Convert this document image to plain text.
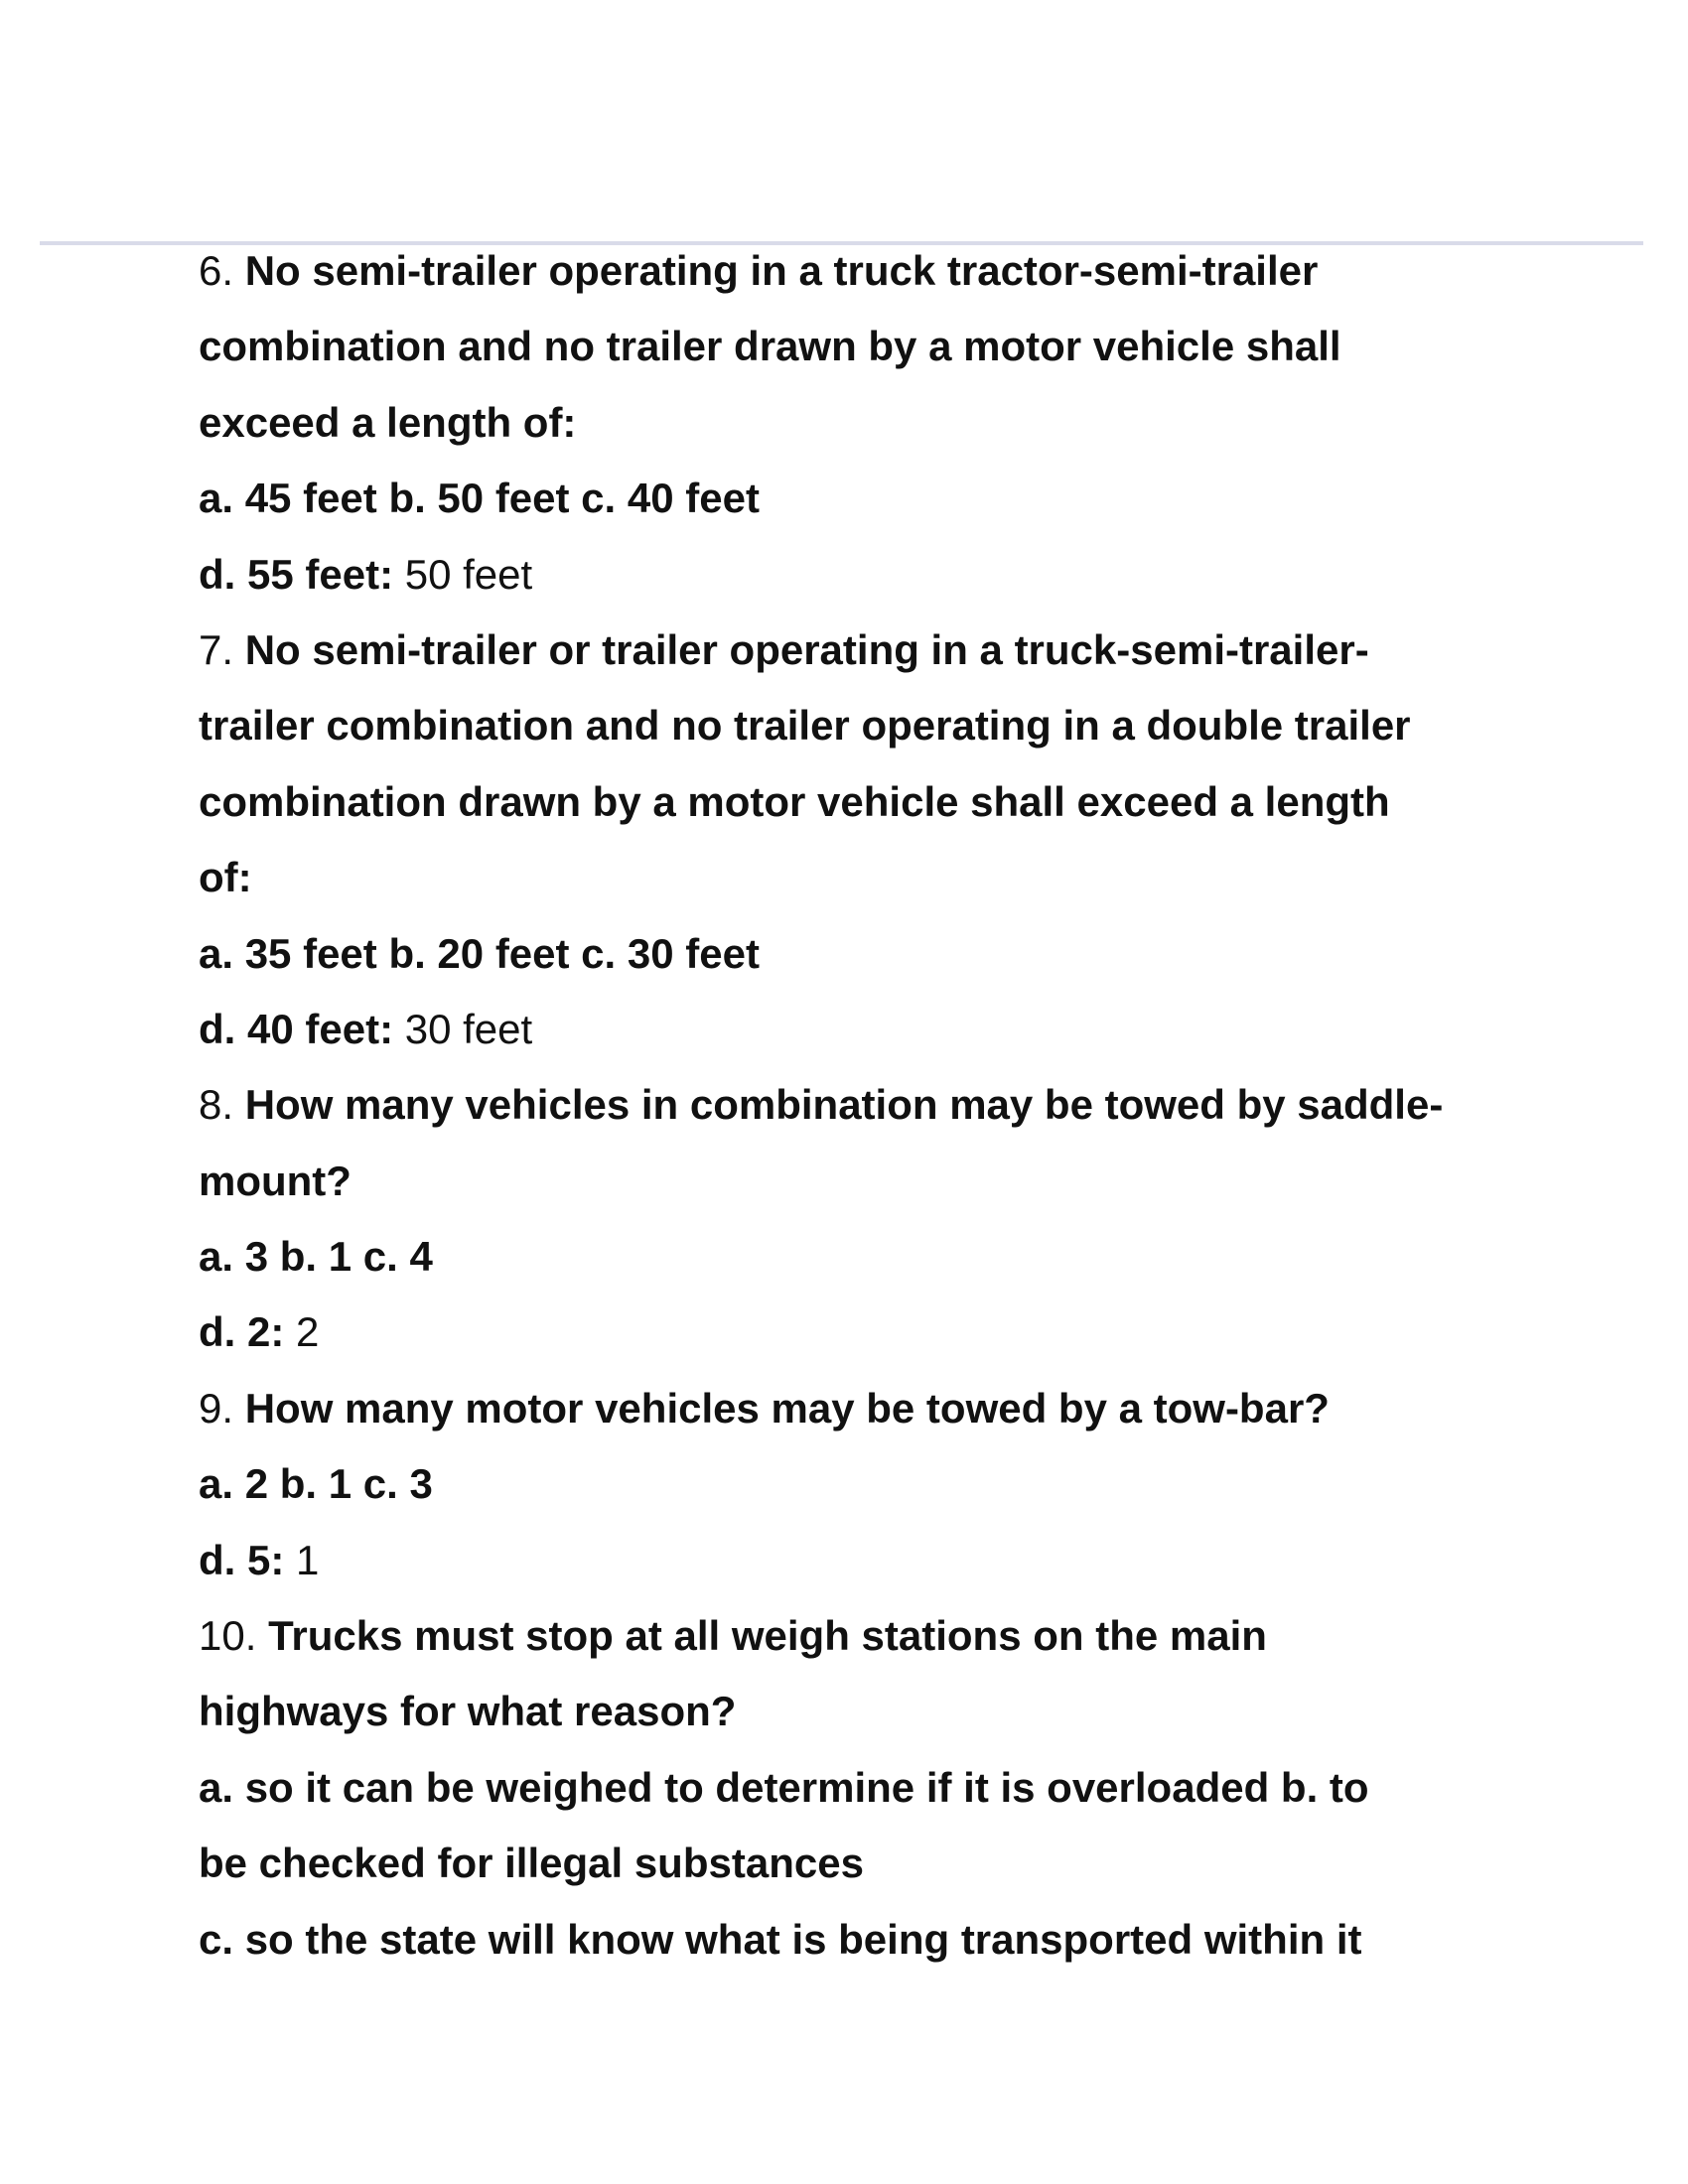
6. No semi-trailer operating in a truck tractor-semi-trailer
combination and no trailer drawn by a motor vehicle shall
exceed a length of:
a. 45 feet b. 50 feet c. 40 feet
d. 55 feet: 50 feet
7. No semi-trailer or trailer operating in a truck-semi-trailer-
trailer combination and no trailer operating in a double trailer
combination drawn by a motor vehicle shall exceed a length
of:
a. 35 feet b. 20 feet c. 30 feet
d. 40 feet: 30 feet
8. How many vehicles in combination may be towed by saddle-
mount?
a. 3 b. 1 c. 4
d. 2: 2
9. How many motor vehicles may be towed by a tow-bar?
a. 2 b. 1 c. 3
d. 5: 1
10. Trucks must stop at all weigh stations on the main
highways for what reason?
a. so it can be weighed to determine if it is overloaded b. to
be checked for illegal substances
c. so the state will know what is being transported within it
